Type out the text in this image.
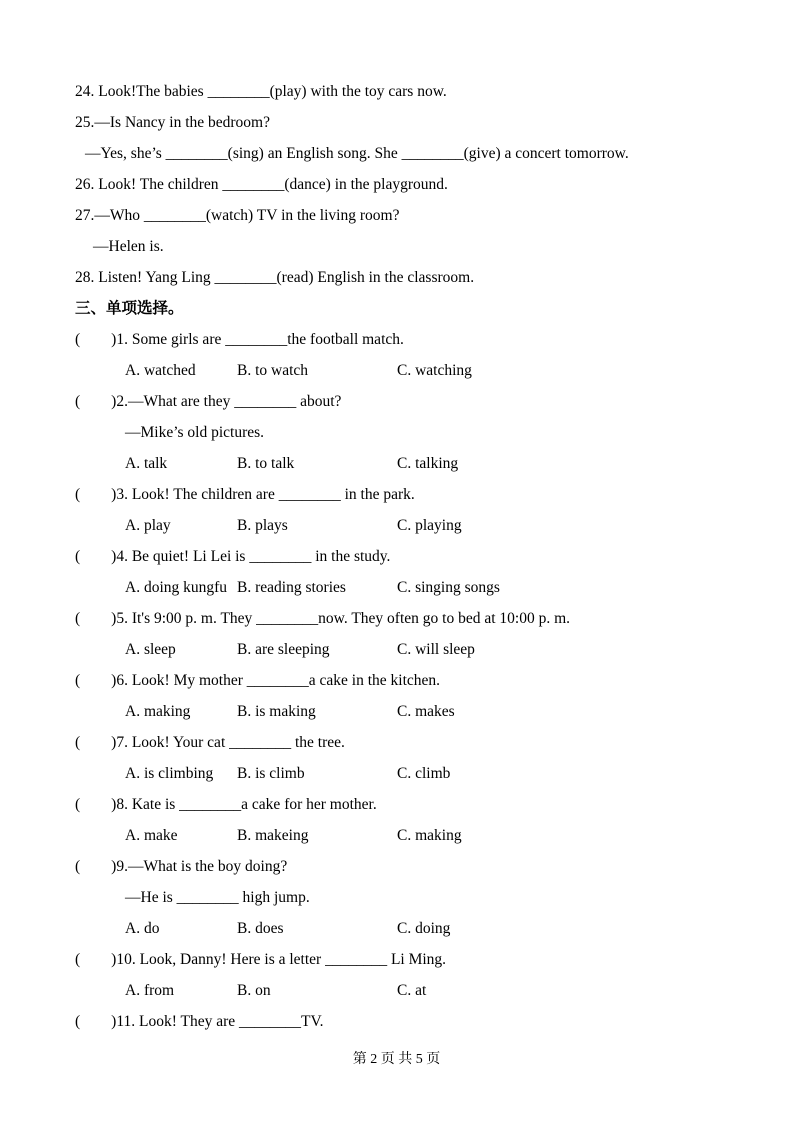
24. Look!The babies ________(play) with the toy cars now.
25.—Is Nancy in the bedroom?
—Yes, she’s ________(sing) an English song. She ________(give) a concert tomorrow.
26. Look! The children ________(dance) in the playground.
27.—Who ________(watch) TV in the living room?
—Helen is.
28. Listen! Yang Ling ________(read) English in the classroom.
三、单项选择。
(        )1. Some girls are ________the football match.
A. watched	B. to watch	C. watching
(        )2.—What are they ________ about?
—Mike’s old pictures.
A. talk	B. to talk	C. talking
(        )3. Look! The children are ________ in the park.
A. play	B. plays	C. playing
(        )4. Be quiet! Li Lei is ________ in the study.
A. doing kungfu B. reading stories	C. singing songs
(        )5. It's 9:00 p. m. They ________now. They often go to bed at 10:00 p. m.
A. sleep	B. are sleeping	C. will sleep
(        )6. Look! My mother ________a cake in the kitchen.
A. making	B. is making	C. makes
(        )7. Look! Your cat ________ the tree.
A. is climbing	B. is climb	C. climb
(        )8. Kate is ________a cake for her mother.
A. make	B. makeing	C. making
(        )9.—What is the boy doing?
—He is ________ high jump.
A. do	B. does	C. doing
(        )10. Look, Danny! Here is a letter ________ Li Ming.
A. from	B. on	C. at
(        )11. Look! They are ________TV.
第 2 页 共 5 页
